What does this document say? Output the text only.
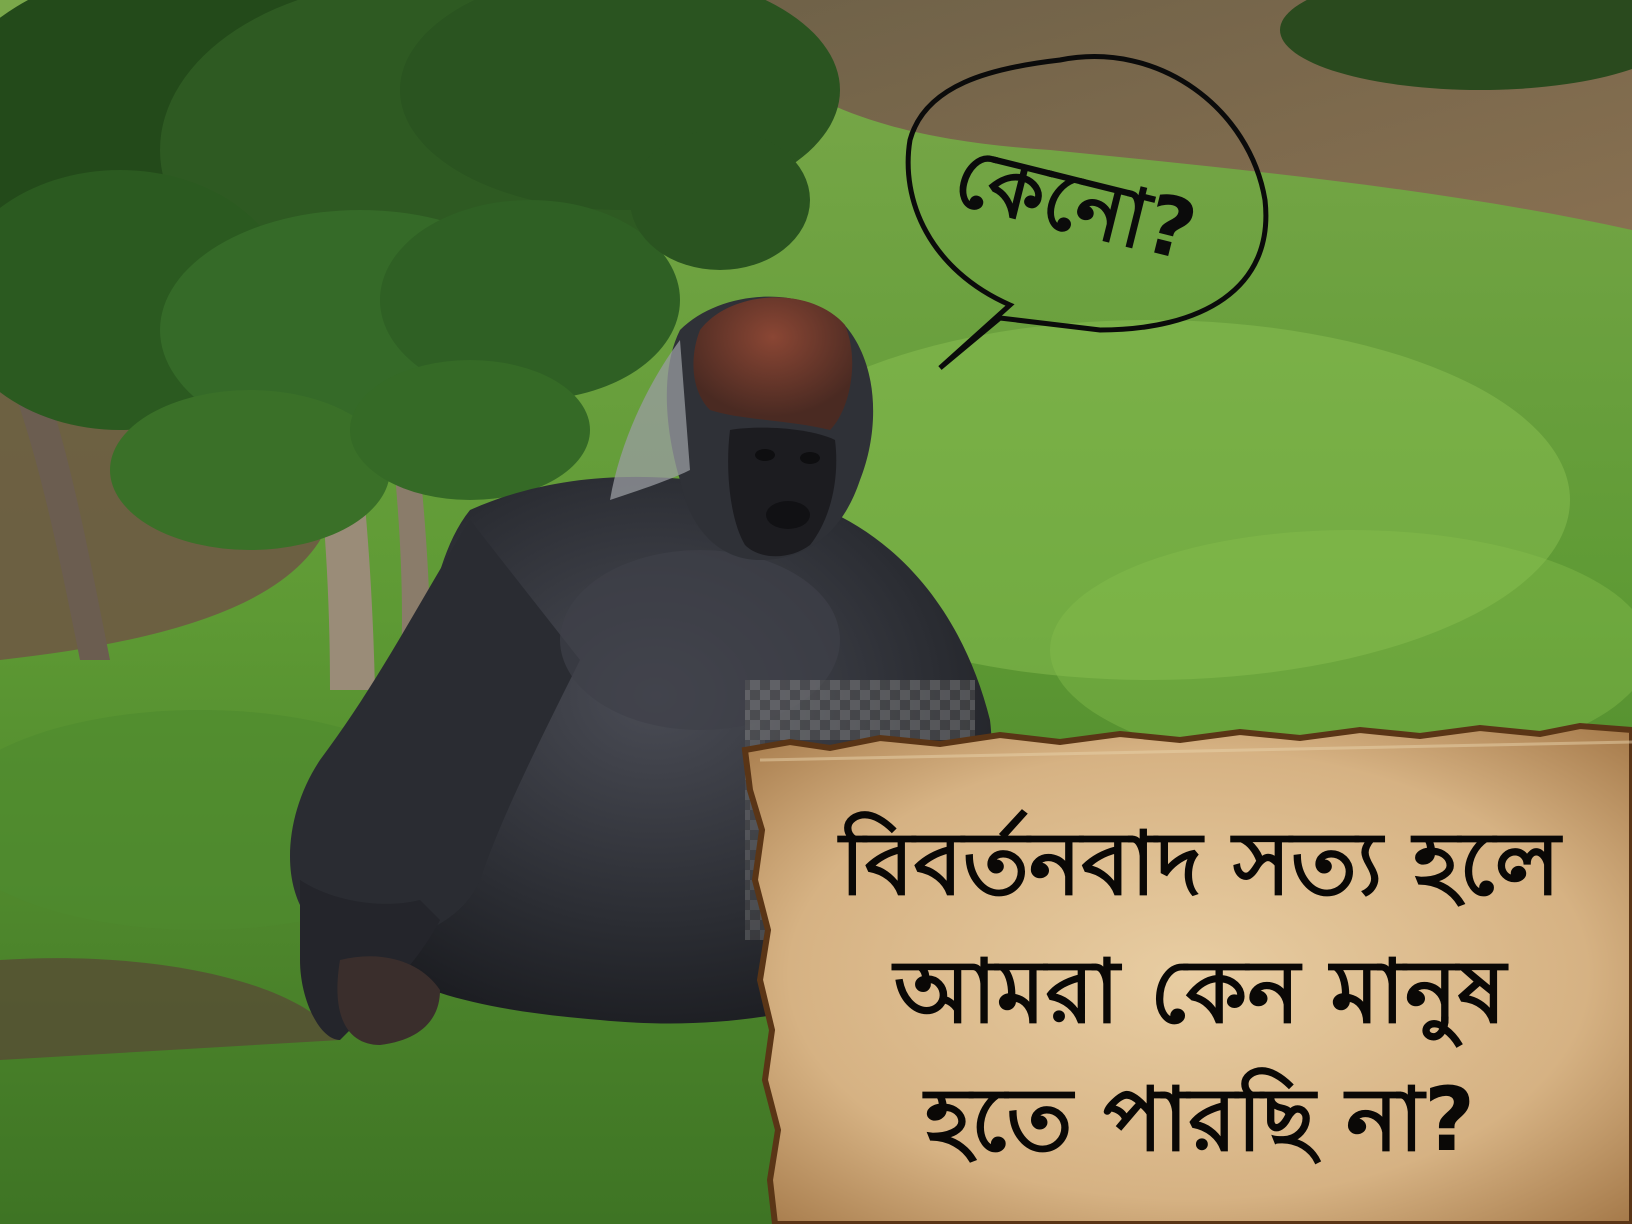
কেনো?
বিবর্তনবাদ সত্য হলে
আমরা কেন মানুষ
হতে পারছি না?
